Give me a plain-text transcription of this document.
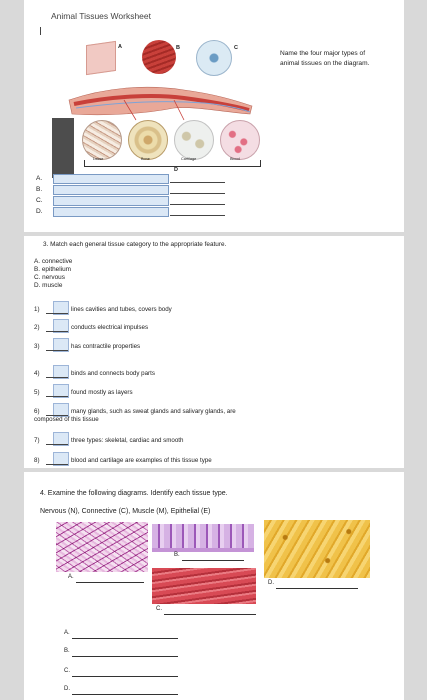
Animal Tissues Worksheet
A	B	C
Name the four major types of animal tissues on the diagram.
Loose	Bone	Cartilage	Blood
D
A.
B.
C.
D.
3. Match each general tissue category to the appropriate feature.
A. connective
B. epithelium
C. nervous
D. muscle
1)	lines cavities and tubes, covers body
2)	conducts electrical impulses
3)	has contractile properties
4)	binds and connects body parts
5)	found mostly as layers
6)	many glands, such as sweat glands and salivary glands, are
composed of this tissue
7)	three types: skeletal, cardiac and smooth
8)	blood and cartilage are examples of this tissue type
4. Examine the following diagrams. Identify each tissue type.
Nervous (N), Connective (C), Muscle (M), Epithelial (E)
A.
B.
C.
D.
A.
B.
C.
D.
